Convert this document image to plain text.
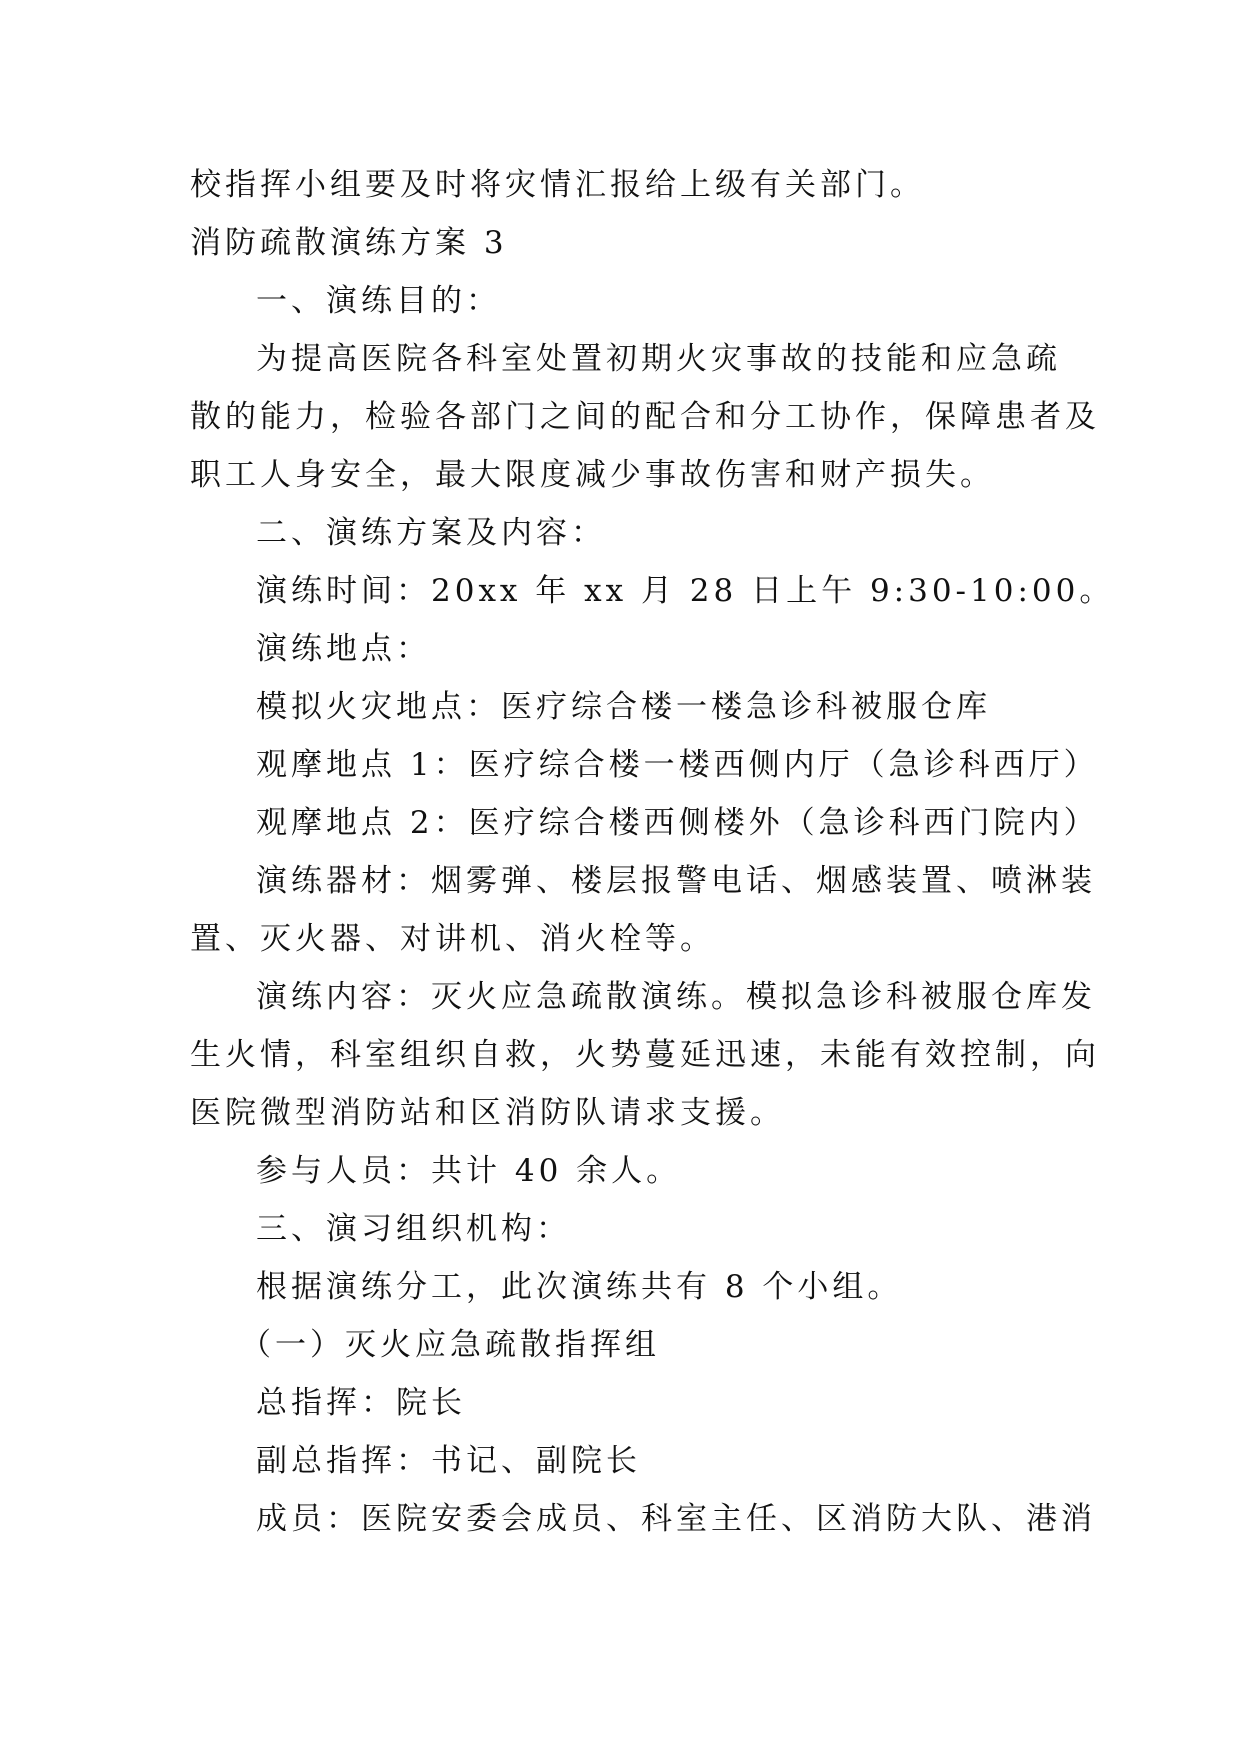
校指挥小组要及时将灾情汇报给上级有关部门。

消防疏散演练方案 3

一、演练目的：

为提高医院各科室处置初期火灾事故的技能和应急疏

散的能力，检验各部门之间的配合和分工协作，保障患者及

职工人身安全，最大限度减少事故伤害和财产损失。

二、演练方案及内容：

演练时间：20xx 年 xx 月 28 日上午 9:30-10:00。

演练地点：

模拟火灾地点：医疗综合楼一楼急诊科被服仓库

观摩地点 1：医疗综合楼一楼西侧内厅（急诊科西厅）

观摩地点 2：医疗综合楼西侧楼外（急诊科西门院内）

演练器材：烟雾弹、楼层报警电话、烟感装置、喷淋装

置、灭火器、对讲机、消火栓等。

演练内容：灭火应急疏散演练。模拟急诊科被服仓库发

生火情，科室组织自救，火势蔓延迅速，未能有效控制，向

医院微型消防站和区消防队请求支援。

参与人员：共计 40 余人。

三、演习组织机构：

根据演练分工，此次演练共有 8 个小组。

（一）灭火应急疏散指挥组

总指挥：院长

副总指挥：书记、副院长

成员：医院安委会成员、科室主任、区消防大队、港消
